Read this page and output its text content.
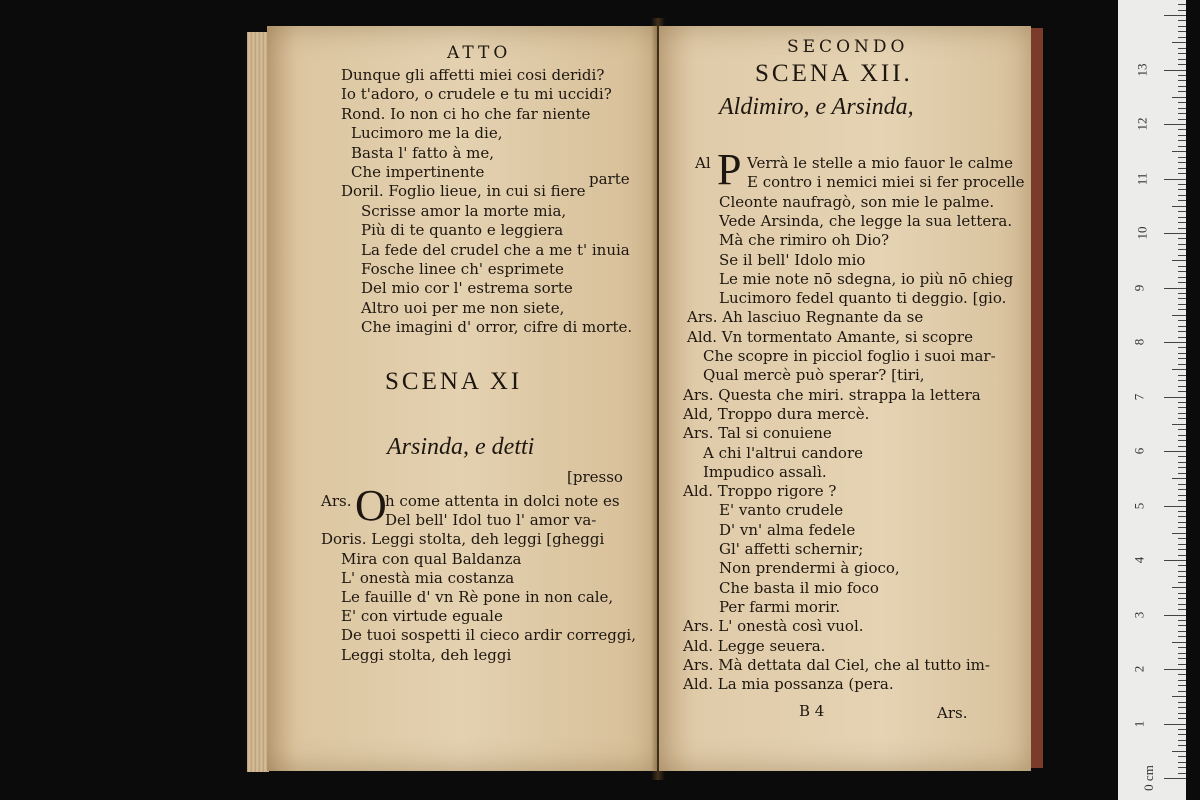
ATTO
Dunque gli affetti miei cosi deridi?
Io t'adoro, o crudele e tu mi uccidi?
Rond. Io non ci ho che far niente
Lucimoro me la die,
Basta l' fatto à me,
Che impertinente
Doril. Foglio lieue, in cui si fiere
Scrisse amor la morte mia,
Più di te quanto e leggiera
La fede del crudel che a me t' inuia
Fosche linee ch' esprimete
Del mio cor l' estrema sorte
Altro uoi per me non siete,
Che imagini d' orror, cifre di morte.
parte
SCENA XI
Arsinda, e detti
[presso
Ars. O
h come attenta in dolci note es
Del bell' Idol tuo l' amor va-
Doris. Leggi stolta, deh leggi [gheggi
Mira con qual Baldanza
L' onestà mia costanza
Le fauille d' vn Rè pone in non cale,
E' con virtude eguale
De tuoi sospetti il cieco ardir correggi,
Leggi stolta, deh leggi
SECONDO
SCENA XII.
Aldimiro, e Arsinda,
Al P Verrà le stelle a mio fauor le calme
E contro i nemici miei si fer procelle
Cleonte naufragò, son mie le palme.
Vede Arsinda, che legge la sua lettera.
Mà che rimiro oh Dio?
Se il bell' Idolo mio
Le mie note nō sdegna, io più nō chieg
Lucimoro fedel quanto ti deggio. [gio.
Ars. Ah lasciuo Regnante da se
Ald. Vn tormentato Amante, si scopre
Che scopre in picciol foglio i suoi mar-
Qual mercè può sperar? [tiri,
Ars. Questa che miri. strappa la lettera
Ald, Troppo dura mercè.
Ars. Tal si conuiene
A chi l'altrui candore
Impudico assalì.
Ald. Troppo rigore ?
E' vanto crudele
D' vn' alma fedele
Gl' affetti schernir;
Non prendermi à gioco,
Che basta il mio foco
Per farmi morir.
Ars. L' onestà così vuol.
Ald. Legge seuera.
Ars. Mà dettata dal Ciel, che al tutto im-
Ald. La mia possanza (pera.
B 4	Ars.
13
12
11
10
9
8
7
6
5
4
3
2
1
0 cm
